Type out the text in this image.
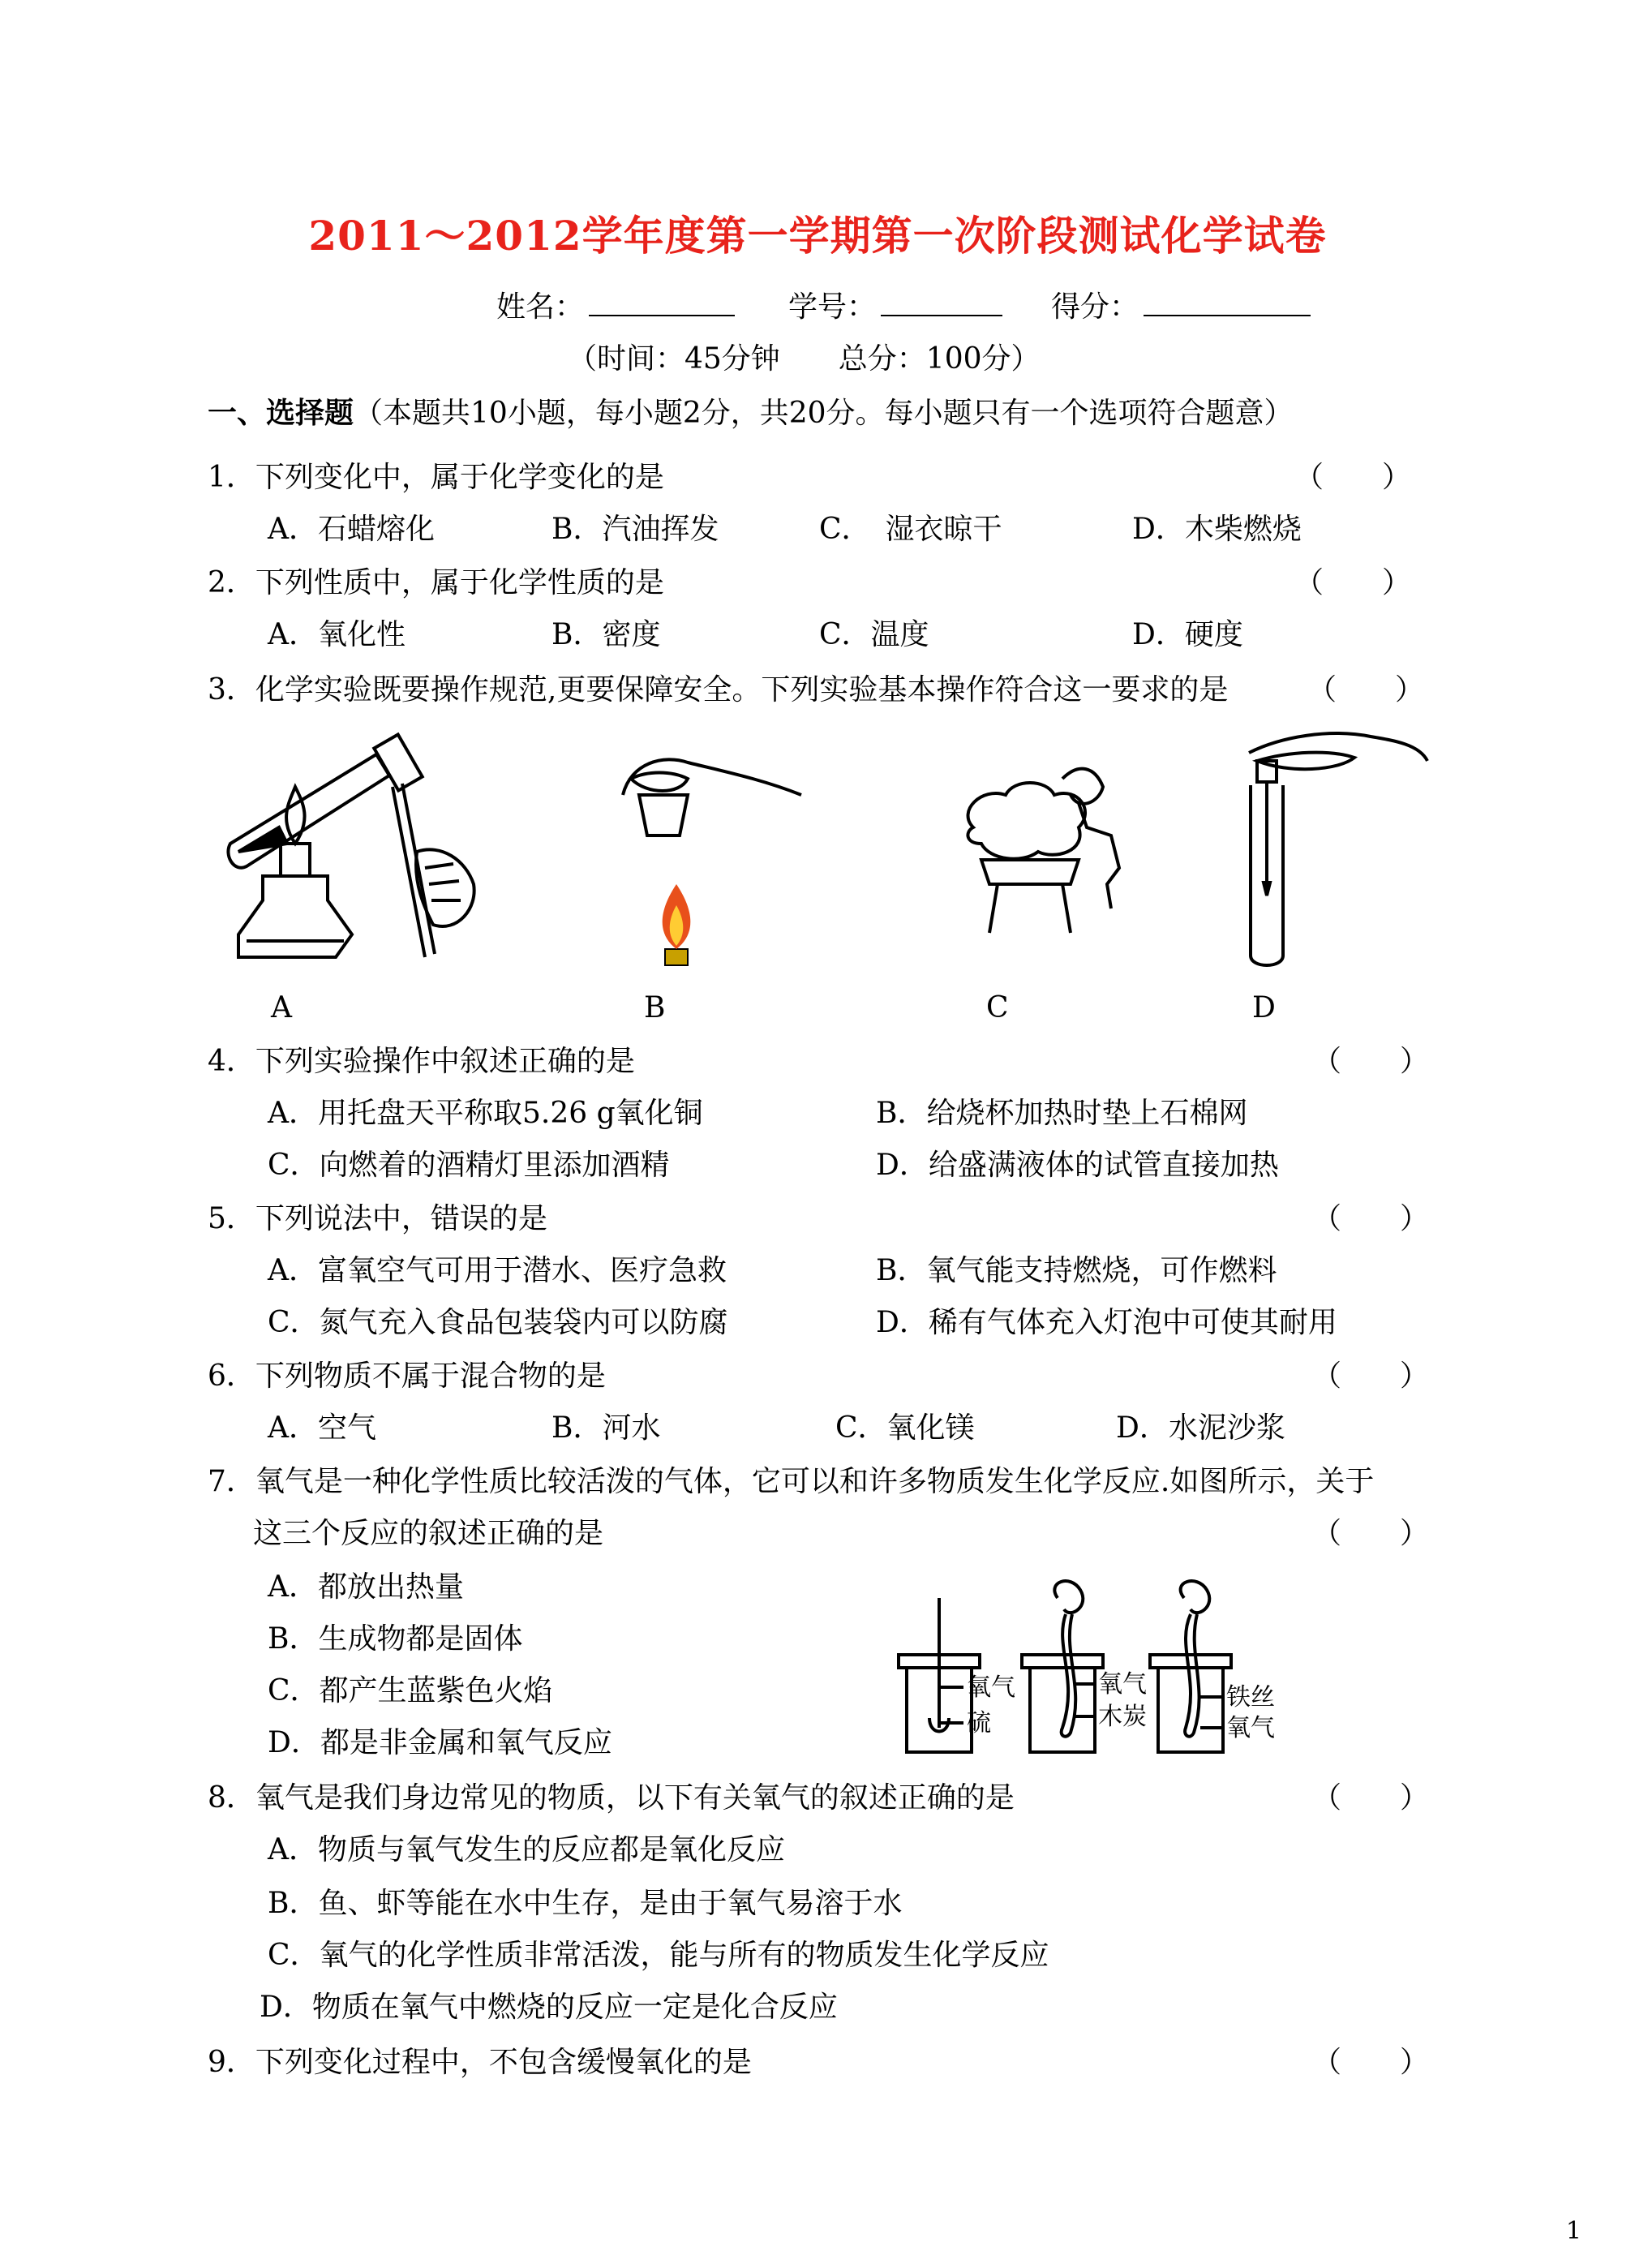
2011～2012学年度第一学期第一次阶段测试化学试卷
姓名：	学号：	得分：
（时间：45分钟　　总分：100分）
一、选择题（本题共10小题，每小题2分，共20分。每小题只有一个选项符合题意）
1．下列变化中，属于化学变化的是	（　　）
A．石蜡熔化	B．汽油挥发	C．　湿衣晾干	D．木柴燃烧
2．下列性质中，属于化学性质的是	（　　）
A．氧化性	B．密度	C．温度	D．硬度
3．化学实验既要操作规范,更要保障安全。下列实验基本操作符合这一要求的是	（　　）
A	B	C	D
4．下列实验操作中叙述正确的是	（　　）
A．用托盘天平称取5.26 g氧化铜	B．给烧杯加热时垫上石棉网
C．向燃着的酒精灯里添加酒精	D．给盛满液体的试管直接加热
5．下列说法中，错误的是	（　　）
A．富氧空气可用于潜水、医疗急救	B．氧气能支持燃烧，可作燃料
C．氮气充入食品包装袋内可以防腐	D．稀有气体充入灯泡中可使其耐用
6．下列物质不属于混合物的是	（　　）
A．空气	B．河水	C．氧化镁	D．水泥沙浆
7．氧气是一种化学性质比较活泼的气体，它可以和许多物质发生化学反应.如图所示，关于
这三个反应的叙述正确的是	（　　）
A．都放出热量
B．生成物都是固体
C．都产生蓝紫色火焰
D．都是非金属和氧气反应
氧气
硫
氧气
木炭
铁丝
氧气
8．氧气是我们身边常见的物质，以下有关氧气的叙述正确的是	（　　）
A．物质与氧气发生的反应都是氧化反应
B．鱼、虾等能在水中生存，是由于氧气易溶于水
C．氧气的化学性质非常活泼，能与所有的物质发生化学反应
D．物质在氧气中燃烧的反应一定是化合反应
9．下列变化过程中，不包含缓慢氧化的是	（　　）
1
